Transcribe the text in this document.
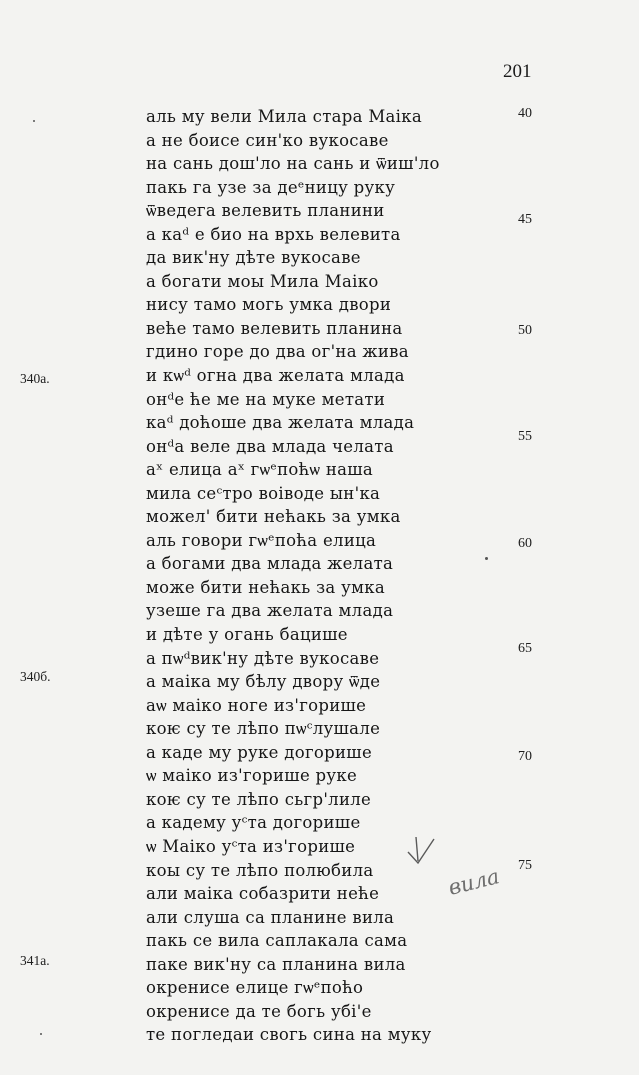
201
аль му вели Мила стара Маiка
а не боисе син'ко вукосаве
на сань дош'ло на сань и ѿиш'ло
пакь га узе за деᵉницу руку
ѿведега велевить планини
а каᵈ е био на врхь велевита
да вик'ну дѣте вукосаве
а богати моы Мила Маiко
нису тамо могь умка двори
веће тамо велевить планина
гдино горе до два ог'на жива
и кѡᵈ огна два желата млада
онᵈе ће ме на муке метати
каᵈ доћоше два желата млада
онᵈа веле два млада челата
аˣ елица аˣ гѡᵉпоћѡ наша
мила сеᶜтро воiводе ын'ка
можел' бити нећакь за умка
аль говори гѡᵉпоћа елица
а богами два млада желата
може бити нећакь за умка
узеше га два желата млада
и дѣте у огань бацише
а пѡᵈвик'ну дѣте вукосаве
а маiка му бѣлу двору ѿде
аѡ маiко ноге из'горише
коѥ су те лѣпо пѡᶜлушале
а каде му руке догорише
ѡ маiко из'горише руке
коѥ су те лѣпо сьгр'лиле
а кадему уᶜта догорише
ѡ Маiко уᶜта из'горише
коы су те лѣпо полюбила
али маiка собазрити неће
али слуша са планине вила
пакь се вила саплакала сама
паке вик'ну са планина вила
окренисе елице гѡᵉпоћо
окренисе да те богь убi'е
те погледаи свогь сина на муку
40
45
50
55
60
65
70
75
340а.
340б.
341а.
вила
